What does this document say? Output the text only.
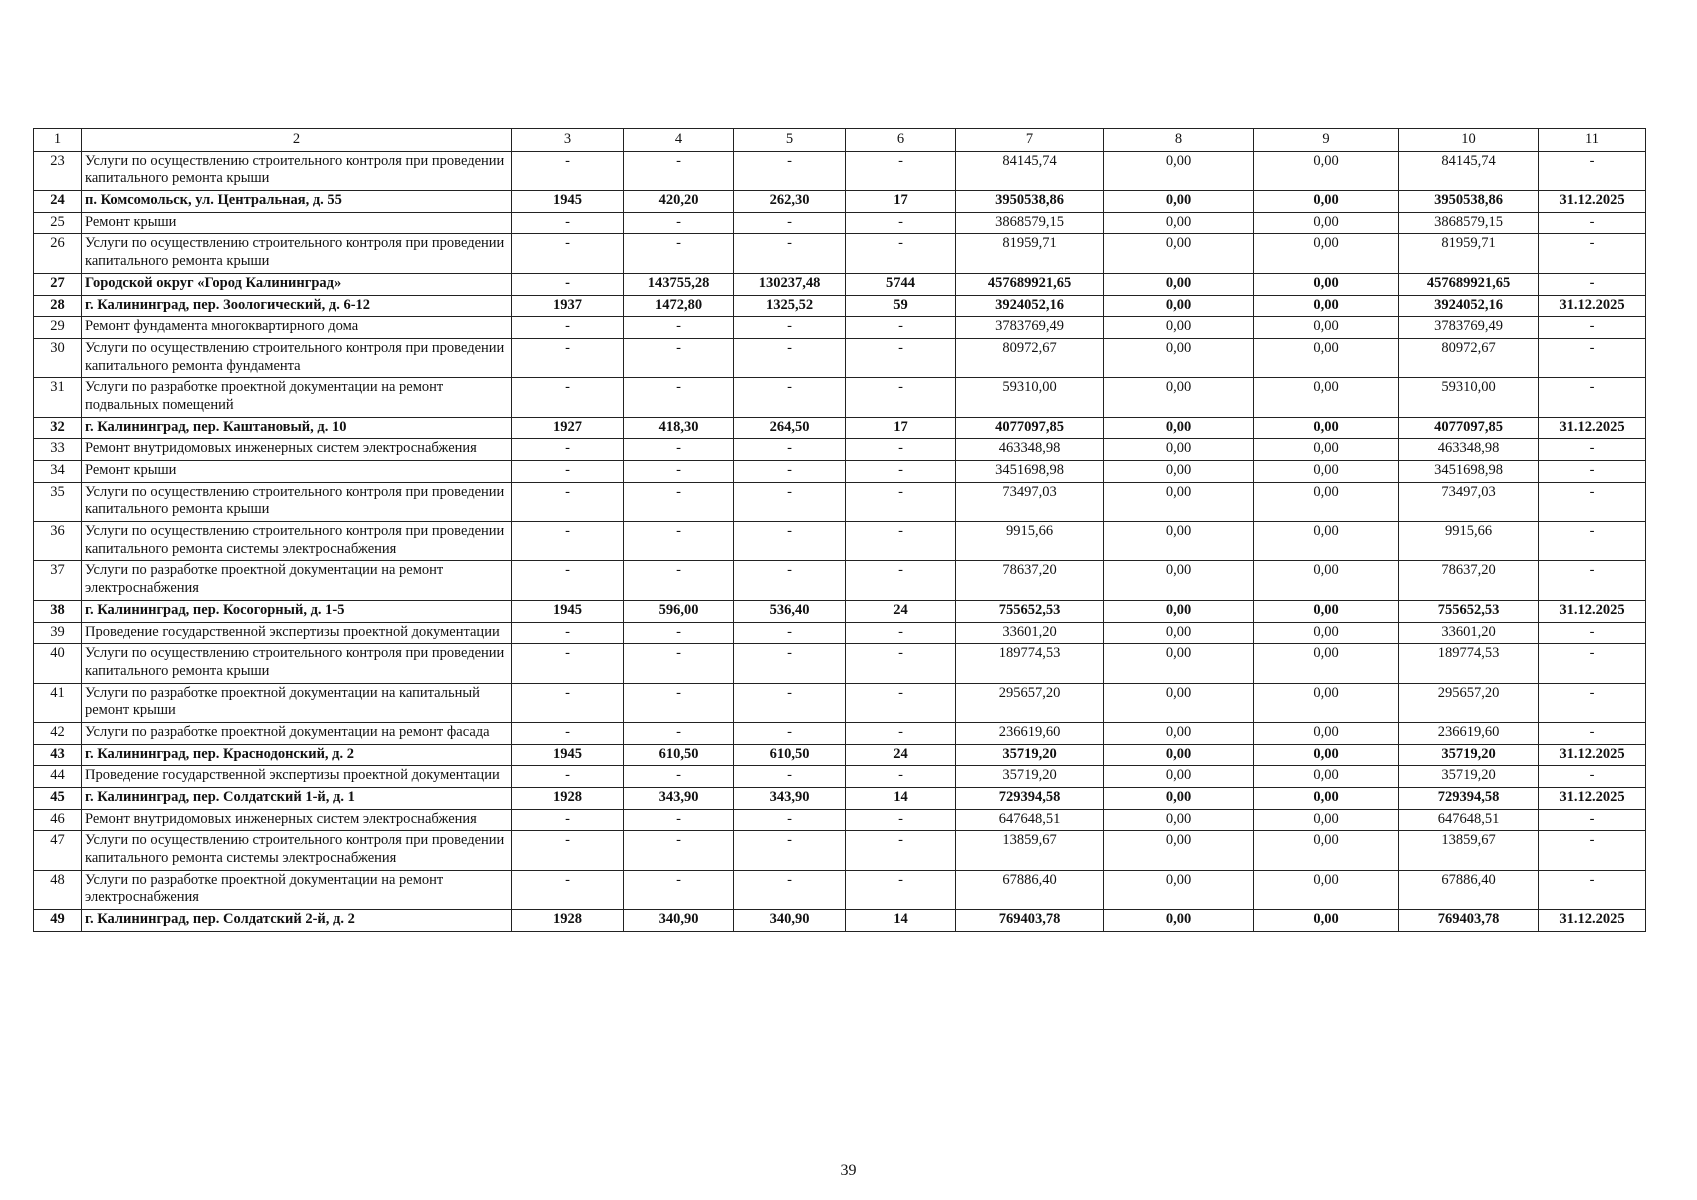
1	2	3	4	5	6	7	8	9	10	11
23	Услуги по осуществлению строительного контроля при проведении капитального ремонта крыши	-	-	-	-	84145,74	0,00	0,00	84145,74	-
24	п. Комсомольск, ул. Центральная, д. 55	1945	420,20	262,30	17	3950538,86	0,00	0,00	3950538,86	31.12.2025
25	Ремонт крыши	-	-	-	-	3868579,15	0,00	0,00	3868579,15	-
26	Услуги по осуществлению строительного контроля при проведении капитального ремонта крыши	-	-	-	-	81959,71	0,00	0,00	81959,71	-
27	Городской округ «Город Калининград»	-	143755,28	130237,48	5744	457689921,65	0,00	0,00	457689921,65	-
28	г. Калининград, пер. Зоологический, д. 6-12	1937	1472,80	1325,52	59	3924052,16	0,00	0,00	3924052,16	31.12.2025
29	Ремонт фундамента многоквартирного дома	-	-	-	-	3783769,49	0,00	0,00	3783769,49	-
30	Услуги по осуществлению строительного контроля при проведении капитального ремонта фундамента	-	-	-	-	80972,67	0,00	0,00	80972,67	-
31	Услуги по разработке проектной документации на ремонт подвальных помещений	-	-	-	-	59310,00	0,00	0,00	59310,00	-
32	г. Калининград, пер. Каштановый, д. 10	1927	418,30	264,50	17	4077097,85	0,00	0,00	4077097,85	31.12.2025
33	Ремонт внутридомовых инженерных систем электроснабжения	-	-	-	-	463348,98	0,00	0,00	463348,98	-
34	Ремонт крыши	-	-	-	-	3451698,98	0,00	0,00	3451698,98	-
35	Услуги по осуществлению строительного контроля при проведении капитального ремонта крыши	-	-	-	-	73497,03	0,00	0,00	73497,03	-
36	Услуги по осуществлению строительного контроля при проведении капитального ремонта системы электроснабжения	-	-	-	-	9915,66	0,00	0,00	9915,66	-
37	Услуги по разработке проектной документации на ремонт электроснабжения	-	-	-	-	78637,20	0,00	0,00	78637,20	-
38	г. Калининград, пер. Косогорный, д. 1-5	1945	596,00	536,40	24	755652,53	0,00	0,00	755652,53	31.12.2025
39	Проведение государственной экспертизы проектной документации	-	-	-	-	33601,20	0,00	0,00	33601,20	-
40	Услуги по осуществлению строительного контроля при проведении капитального ремонта крыши	-	-	-	-	189774,53	0,00	0,00	189774,53	-
41	Услуги по разработке проектной документации на капитальный ремонт крыши	-	-	-	-	295657,20	0,00	0,00	295657,20	-
42	Услуги по разработке проектной документации на ремонт фасада	-	-	-	-	236619,60	0,00	0,00	236619,60	-
43	г. Калининград, пер. Краснодонский, д. 2	1945	610,50	610,50	24	35719,20	0,00	0,00	35719,20	31.12.2025
44	Проведение государственной экспертизы проектной документации	-	-	-	-	35719,20	0,00	0,00	35719,20	-
45	г. Калининград, пер. Солдатский 1-й, д. 1	1928	343,90	343,90	14	729394,58	0,00	0,00	729394,58	31.12.2025
46	Ремонт внутридомовых инженерных систем электроснабжения	-	-	-	-	647648,51	0,00	0,00	647648,51	-
47	Услуги по осуществлению строительного контроля при проведении капитального ремонта системы электроснабжения	-	-	-	-	13859,67	0,00	0,00	13859,67	-
48	Услуги по разработке проектной документации на ремонт электроснабжения	-	-	-	-	67886,40	0,00	0,00	67886,40	-
49	г. Калининград, пер. Солдатский 2-й, д. 2	1928	340,90	340,90	14	769403,78	0,00	0,00	769403,78	31.12.2025
39
